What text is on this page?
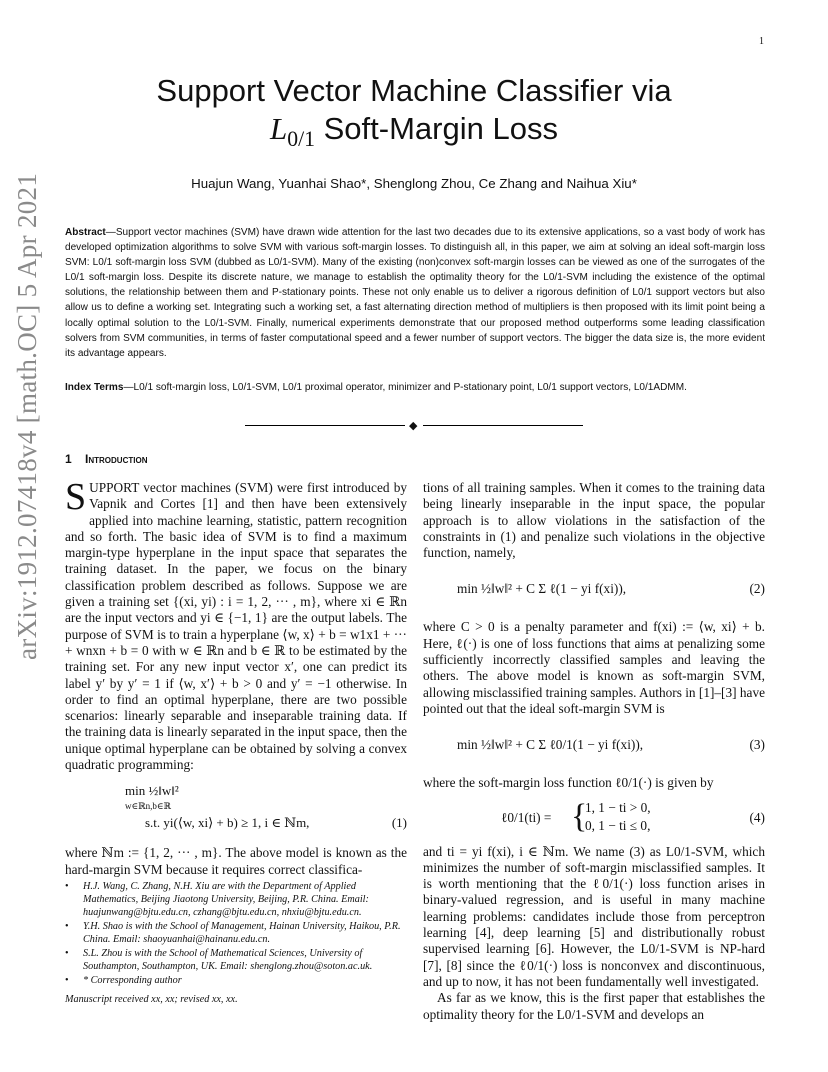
1
arXiv:1912.07418v4 [math.OC] 5 Apr 2021
Support Vector Machine Classifier via
$L_{0/1}$ Soft-Margin Loss
Huajun Wang, Yuanhai Shao*, Shenglong Zhou, Ce Zhang and Naihua Xiu*
Abstract—Support vector machines (SVM) have drawn wide attention for the last two decades due to its extensive applications, so a vast body of work has developed optimization algorithms to solve SVM with various soft-margin losses. To distinguish all, in this paper, we aim at solving an ideal soft-margin loss SVM: L0/1 soft-margin loss SVM (dubbed as L0/1-SVM). Many of the existing (non)convex soft-margin losses can be viewed as one of the surrogates of the L0/1 soft-margin loss. Despite its discrete nature, we manage to establish the optimality theory for the L0/1-SVM including the existence of the optimal solutions, the relationship between them and P-stationary points. These not only enable us to deliver a rigorous definition of L0/1 support vectors but also allow us to define a working set. Integrating such a working set, a fast alternating direction method of multipliers is then proposed with its limit point being a locally optimal solution to the L0/1-SVM. Finally, numerical experiments demonstrate that our proposed method outperforms some leading classification solvers from SVM communities, in terms of faster computational speed and a fewer number of support vectors. The bigger the data size is, the more evident its advantage appears.
Index Terms—L0/1 soft-margin loss, L0/1-SVM, L0/1 proximal operator, minimizer and P-stationary point, L0/1 support vectors, L0/1ADMM.
◆
1 Introduction

SUPPORT vector machines (SVM) were first introduced by Vapnik and Cortes [1] and then have been extensively applied into machine learning, statistic, pattern recognition and so forth. The basic idea of SVM is to find a maximum margin-type hyperplane in the input space that separates the training dataset. In the paper, we focus on the binary classification problem described as follows. Suppose we are given a training set {(xi, yi) : i = 1, 2, ··· , m}, where xi ∈ ℝn are the input vectors and yi ∈ {−1, 1} are the output labels. The purpose of SVM is to train a hyperplane ⟨w, x⟩ + b = w1x1 + ··· + wnxn + b = 0 with w ∈ ℝn and b ∈ ℝ to be estimated by the training set. For any new input vector x′, one can predict its label y′ by y′ = 1 if ⟨w, x′⟩ + b > 0 and y′ = −1 otherwise. In order to find an optimal hyperplane, there are two possible scenarios: linearly separable and inseparable training data. If the training data is linearly separated in the input space, then the unique optimal hyperplane can be obtained by solving a convex quadratic programming:

min ½‖w‖²
w∈ℝn,b∈ℝ
s.t. yi(⟨w, xi⟩ + b) ≥ 1, i ∈ ℕm,	(1)

where ℕm := {1, 2, ··· , m}. The above model is known as the hard-margin SVM because it requires correct classifica-

tions of all training samples. When it comes to the training data being linearly inseparable in the input space, the popular approach is to allow violations in the satisfaction of the constraints in (1) and penalize such violations in the objective function, namely,

min ½‖w‖² + C Σ ℓ(1 − yi f(xi)),	(2)

where C > 0 is a penalty parameter and f(xi) := ⟨w, xi⟩ + b. Here, ℓ(·) is one of loss functions that aims at penalizing some sufficiently incorrectly classified samples and leaving the others. The above model is known as soft-margin SVM, allowing misclassified training samples. Authors in [1]–[3] have pointed out that the ideal soft-margin SVM is

min ½‖w‖² + C Σ ℓ0/1(1 − yi f(xi)),	(3)

where the soft-margin loss function ℓ0/1(·) is given by

ℓ0/1(ti) = {
1, 1 − ti > 0,
0, 1 − ti ≤ 0,
(4)

and ti = yi f(xi), i ∈ ℕm. We name (3) as L0/1-SVM, which minimizes the number of soft-margin misclassified samples. It is worth mentioning that the ℓ0/1(·) loss function arises in binary-valued regression, and is useful in many machine learning problems: candidates include those from perceptron learning [4], deep learning [5] and distributionally robust supervised learning [6]. However, the L0/1-SVM is NP-hard [7], [8] since the ℓ0/1(·) loss is nonconvex and discontinuous, and up to now, it has not been fundamentally well investigated.

As far as we know, this is the first paper that establishes the optimality theory for the L0/1-SVM and develops an

• H.J. Wang, C. Zhang, N.H. Xiu are with the Department of Applied Mathematics, Beijing Jiaotong University, Beijing, P.R. China. Email: huajunwang@bjtu.edu.cn, czhang@bjtu.edu.cn, nhxiu@bjtu.edu.cn.
• Y.H. Shao is with the School of Management, Hainan University, Haikou, P.R. China. Email: shaoyuanhai@hainanu.edu.cn.
• S.L. Zhou is with the School of Mathematical Sciences, University of Southampton, Southampton, UK. Email: shenglong.zhou@soton.ac.uk.
• * Corresponding author
Manuscript received xx, xx; revised xx, xx.
